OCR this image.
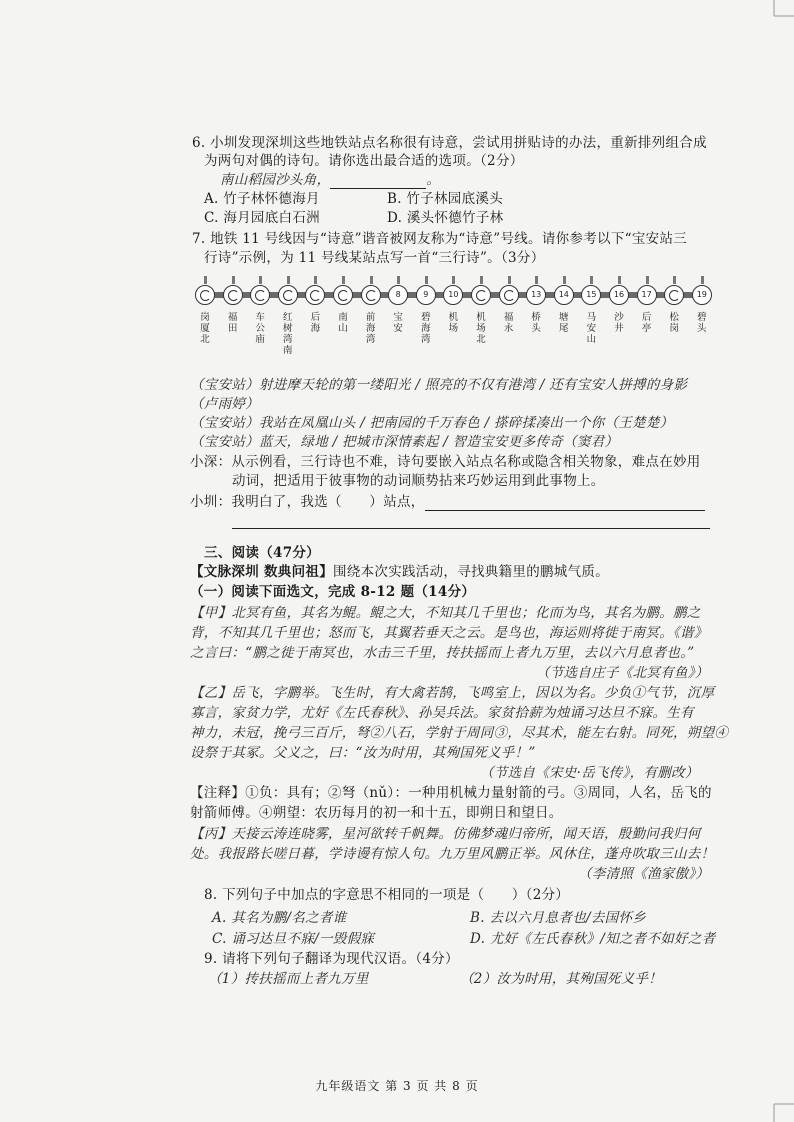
6. 小圳发现深圳这些地铁站点名称很有诗意，尝试用拼贴诗的办法，重新排列组合成
为两句对偶的诗句。请你选出最合适的选项。（2分）
南山稻园沙头角，	。
A. 竹子林怀德海月	B. 竹子林园底溪头
C. 海月园底白石洲	D. 溪头怀德竹子林
7. 地铁 11 号线因与“诗意”谐音被网友称为“诗意”号线。请你参考以下“宝安站三
行诗”示例，为 11 号线某站点写一首“三行诗”。（3分）
岗厦北
福田
车公庙
红树湾南
后海
南山
前海湾
8
宝安
9
碧海湾
10
机场
机场北
福永
13
桥头
14
塘尾
15
马安山
16
沙井
17
后亭
松岗
19
碧头
（宝安站）射进摩天轮的第一缕阳光 / 照亮的不仅有港湾 / 还有宝安人拼搏的身影
（卢雨婷）
（宝安站）我站在凤凰山头 / 把南园的千万春色 / 搽碎揉凑出一个你（王楚楚）
（宝安站）蓝天，绿地 / 把城市深情素起 / 智造宝安更多传奇（窦君）
小深：从示例看，三行诗也不难，诗句要嵌入站点名称或隐含相关物象，难点在妙用
动词，把适用于彼事物的动词顺势拈来巧妙运用到此事物上。
小圳：我明白了，我选（　　）站点，
三、阅读（47分）
【文脉深圳 数典问祖】围绕本次实践活动，寻找典籍里的鹏城气质。
（一）阅读下面选文，完成 8-12 题（14分）
【甲】北冥有鱼，其名为鲲。鲲之大，不知其几千里也；化而为鸟，其名为鹏。鹏之
背，不知其几千里也；怒而飞，其翼若垂天之云。是鸟也，海运则将徙于南冥。《谐》
之言曰：“鹏之徙于南冥也，水击三千里，抟扶摇而上者九万里，去以六月息者也。”
（节选自庄子《北冥有鱼》）
【乙】岳飞，字鹏举。飞生时，有大禽若鹄，飞鸣室上，因以为名。少负①气节，沉厚
寡言，家贫力学，尤好《左氏春秋》、孙吴兵法。家贫拾薪为烛诵习达旦不寐。生有
神力，未冠，挽弓三百斤，弩②八石，学射于周同③，尽其术，能左右射。同死，朔望④
设祭于其冢。父义之，曰：“汝为时用，其殉国死义乎！”
（节选自《宋史·岳飞传》，有删改）
【注释】①负：具有；②弩（nǔ）：一种用机械力量射箭的弓。③周同，人名，岳飞的
射箭师傅。④朔望：农历每月的初一和十五，即朔日和望日。
【丙】天接云涛连晓雾，星河欲转千帆舞。仿佛梦魂归帝所，闻天语，殷勤问我归何
处。我报路长嗟日暮，学诗谩有惊人句。九万里风鹏正举。风休住，蓬舟吹取三山去！
（李清照《渔家傲》）
8. 下列句子中加点的字意思不相同的一项是（　　）（2分）
A. 其名为鹏/名之者谁	B. 去以六月息者也/去国怀乡
C. 诵习达旦不寐/一毁假寐	D. 尤好《左氏春秋》/知之者不如好之者
9. 请将下列句子翻译为现代汉语。（4分）
（1）抟扶摇而上者九万里	（2）汝为时用，其殉国死义乎！
九年级语文 第 3 页 共 8 页
